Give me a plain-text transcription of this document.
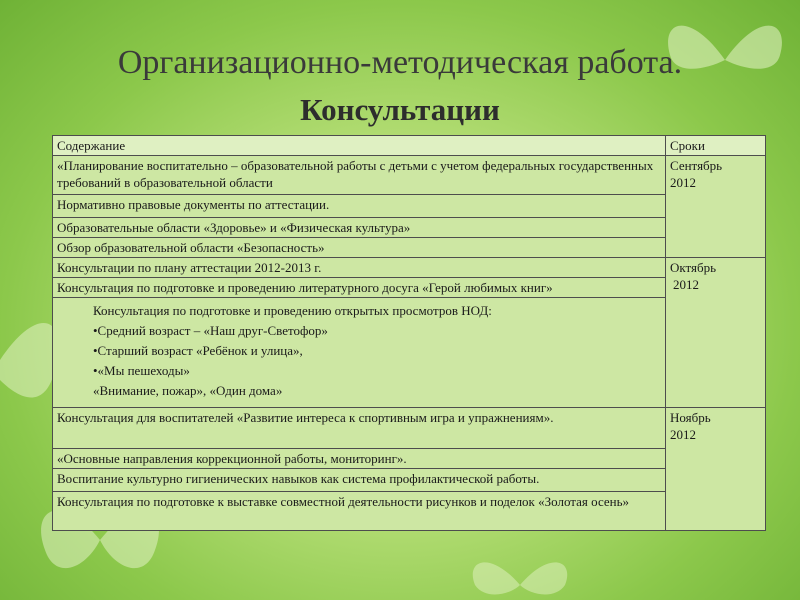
Организационно-методическая работа.
Консультации
Содержание	Сроки
«Планирование воспитательно – образовательной работы с детьми с учетом федеральных государственных требований в образовательной области	Сентябрь
2012

Нормативно правовые документы по аттестации.	
Образовательные области «Здоровье» и «Физическая культура»	
Обзор образовательной области «Безопасность»	
Консультации по плану аттестации 2012-2013 г.	Октябрь
2012

Консультация по подготовке и проведению литературного досуга «Герой любимых книг»	

Консультация по подготовке и проведению открытых просмотров НОД:
•Средний возраст – «Наш друг-Светофор»
•Старший возраст «Ребёнок и улица»,
•«Мы пешеходы»
«Внимание, пожар», «Один дома»	

Консультация для воспитателей «Развитие интереса к спортивным игра и упражнениям».	Ноябрь
2012

«Основные направления коррекционной работы, мониторинг».	
Воспитание культурно гигиенических навыков как система профилактической работы.	
Консультация по подготовке к выставке совместной деятельности рисунков и поделок «Золотая осень»	
